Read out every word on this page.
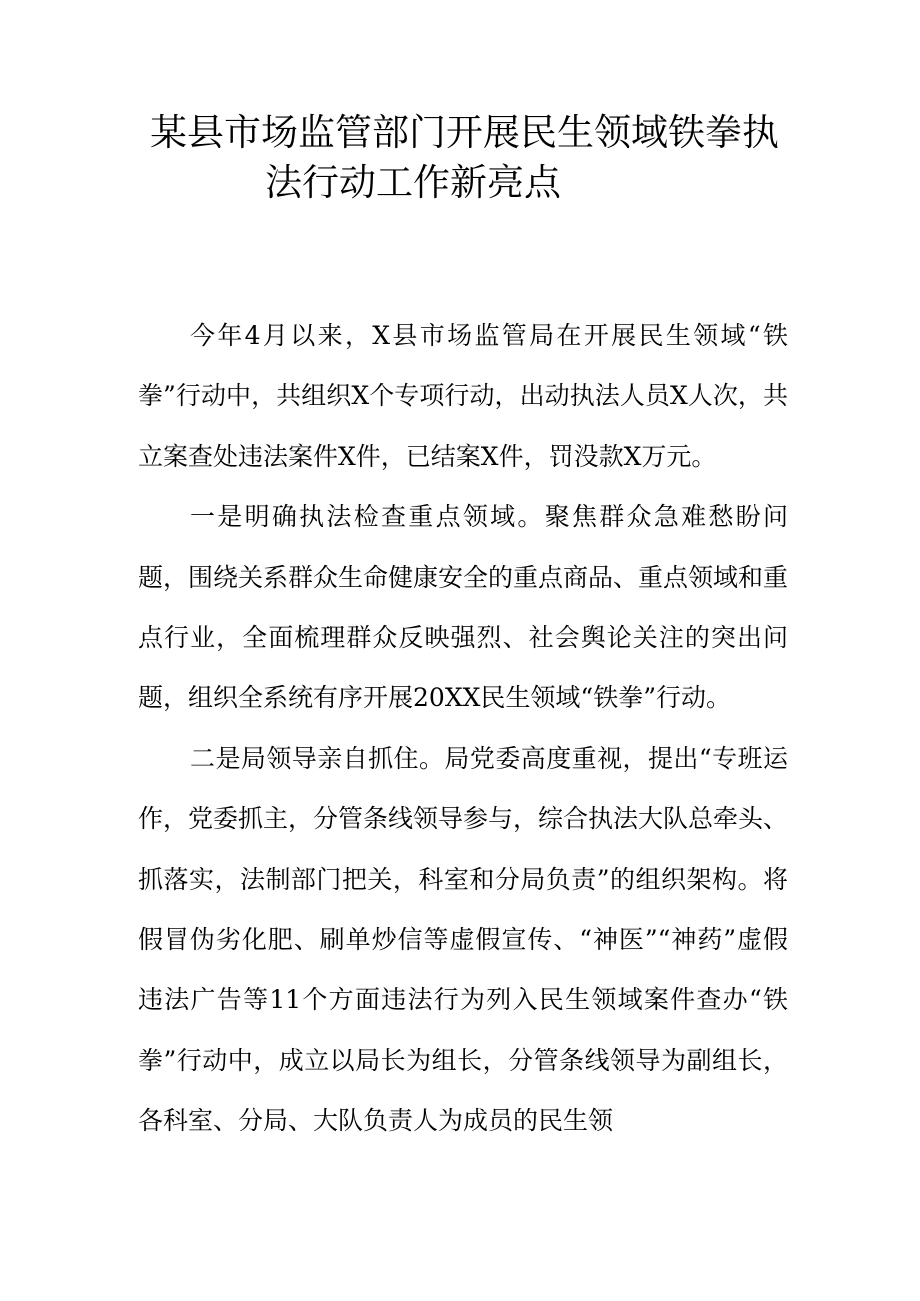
某县市场监管部门开展民生领域铁拳执
法行动工作新亮点

今年4月以来，X县市场监管局在开展民生领域“铁拳”行动中，共组织X个专项行动，出动执法人员X人次，共立案查处违法案件X件，已结案X件，罚没款X万元。

一是明确执法检查重点领域。聚焦群众急难愁盼问题，围绕关系群众生命健康安全的重点商品、重点领域和重点行业，全面梳理群众反映强烈、社会舆论关注的突出问题，组织全系统有序开展20XX民生领域“铁拳”行动。

二是局领导亲自抓住。局党委高度重视，提出“专班运作，党委抓主，分管条线领导参与，综合执法大队总牵头、抓落实，法制部门把关，科室和分局负责”的组织架构。将假冒伪劣化肥、刷单炒信等虚假宣传、“神医”“神药”虚假违法广告等11个方面违法行为列入民生领域案件查办“铁拳”行动中，成立以局长为组长，分管条线领导为副组长，各科室、分局、大队负责人为成员的民生领
